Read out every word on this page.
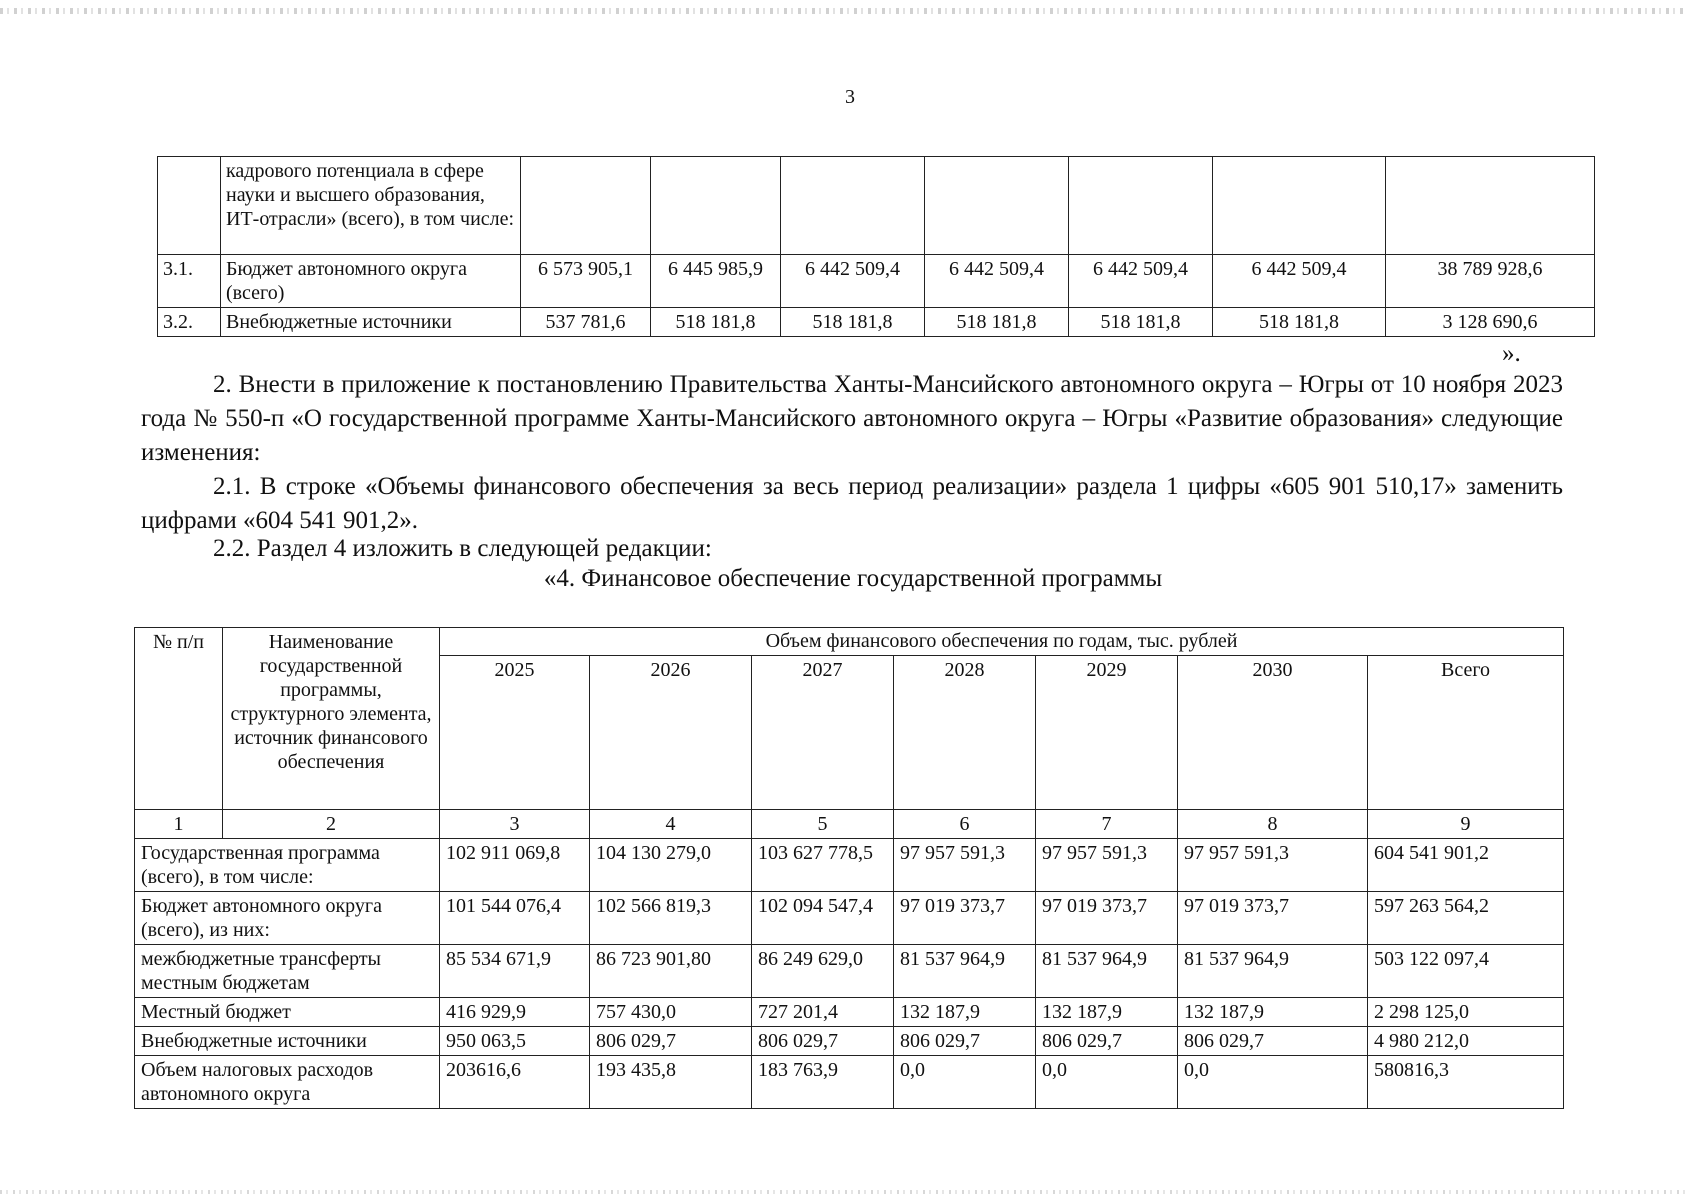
3
	кадрового потенциала в сфере науки и высшего образования, ИТ-отрасли» (всего), в том числе:							
3.1.	Бюджет автономного округа (всего)	6 573 905,1	6 445 985,9	6 442 509,4	6 442 509,4	6 442 509,4	6 442 509,4	38 789 928,6
3.2.	Внебюджетные источники	537 781,6	518 181,8	518 181,8	518 181,8	518 181,8	518 181,8	3 128 690,6
».
2. Внести в приложение к постановлению Правительства Ханты-Мансийского автономного округа – Югры от 10 ноября 2023 года № 550-п «О государственной программе Ханты-Мансийского автономного округа – Югры «Развитие образования» следующие изменения:
2.1. В строке «Объемы финансового обеспечения за весь период реализации» раздела 1 цифры «605 901 510,17» заменить цифрами «604 541 901,2».
2.2. Раздел 4 изложить в следующей редакции:
«4. Финансовое обеспечение государственной программы
№ п/п	Наименование государственной программы, структурного элемента, источник финансового обеспечения	Объем финансового обеспечения по годам, тыс. рублей						
		2025	2026	2027	2028	2029	2030	Всего
1	2	3	4	5	6	7	8	9
Государственная программа (всего), в том числе:		102 911 069,8	104 130 279,0	103 627 778,5	97 957 591,3	97 957 591,3	97 957 591,3	604 541 901,2
Бюджет автономного округа (всего), из них:		101 544 076,4	102 566 819,3	102 094 547,4	97 019 373,7	97 019 373,7	97 019 373,7	597 263 564,2
межбюджетные трансферты местным бюджетам		85 534 671,9	86 723 901,80	86 249 629,0	81 537 964,9	81 537 964,9	81 537 964,9	503 122 097,4
Местный бюджет		416 929,9	757 430,0	727 201,4	132 187,9	132 187,9	132 187,9	2 298 125,0
Внебюджетные источники		950 063,5	806 029,7	806 029,7	806 029,7	806 029,7	806 029,7	4 980 212,0
Объем налоговых расходов автономного округа		203616,6	193 435,8	183 763,9	0,0	0,0	0,0	580816,3
